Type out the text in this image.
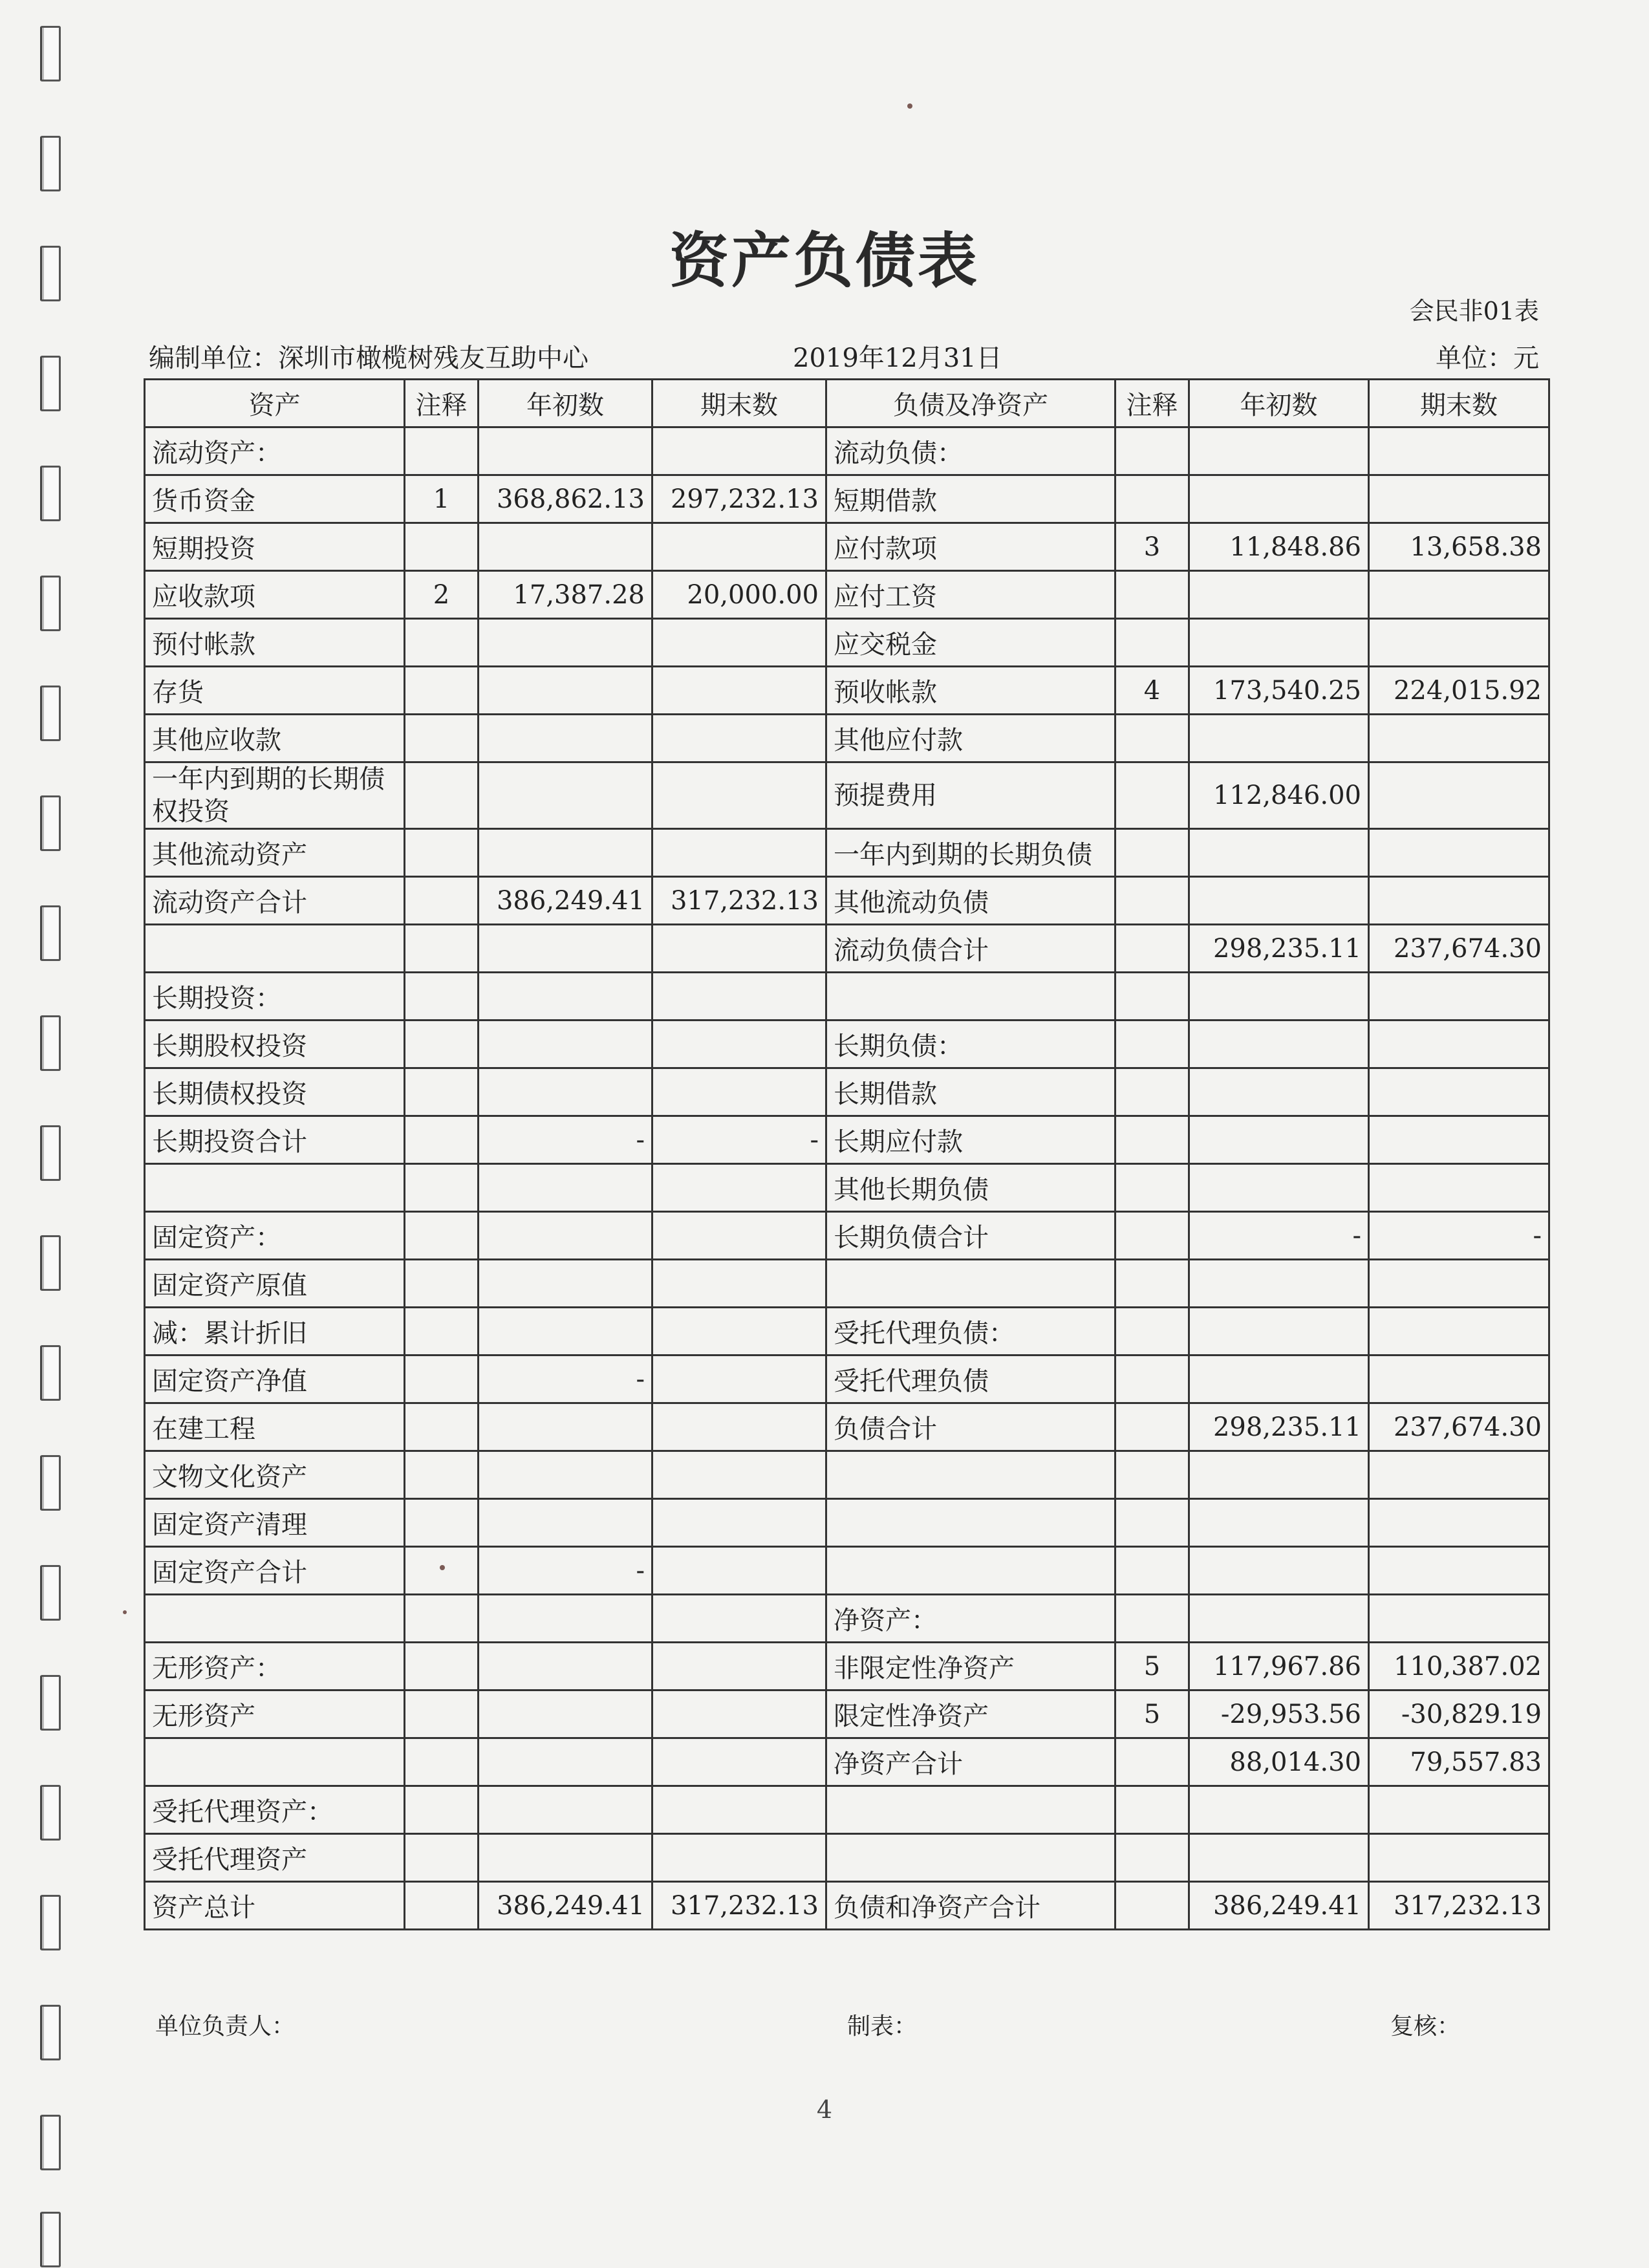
资产负债表
会民非01表
编制单位：深圳市橄榄树残友互助中心	2019年12月31日	单位：元
资产	注释	年初数	期末数	负债及净资产	注释	年初数	期末数
流动资产：				流动负债：			
货币资金	1	368,862.13	297,232.13	短期借款			
短期投资				应付款项	3	11,848.86	13,658.38
应收款项	2	17,387.28	20,000.00	应付工资			
预付帐款				应交税金			
存货				预收帐款	4	173,540.25	224,015.92
其他应收款				其他应付款			
一年内到期的长期债权投资				预提费用		112,846.00	
其他流动资产				一年内到期的长期负债			
流动资产合计		386,249.41	317,232.13	其他流动负债			
				流动负债合计		298,235.11	237,674.30
长期投资：							
长期股权投资				长期负债：			
长期债权投资				长期借款			
长期投资合计		-	-	长期应付款			
				其他长期负债			
固定资产：				长期负债合计		-	-
固定资产原值							
减：累计折旧				受托代理负债：			
固定资产净值		-		受托代理负债			
在建工程				负债合计		298,235.11	237,674.30
文物文化资产							
固定资产清理							
固定资产合计		-					
				净资产：			
无形资产：				非限定性净资产	5	117,967.86	110,387.02
无形资产				限定性净资产	5	-29,953.56	-30,829.19
				净资产合计		88,014.30	79,557.83
受托代理资产：							
受托代理资产							
资产总计		386,249.41	317,232.13	负债和净资产合计		386,249.41	317,232.13
单位负责人：	制表：	复核：
4
